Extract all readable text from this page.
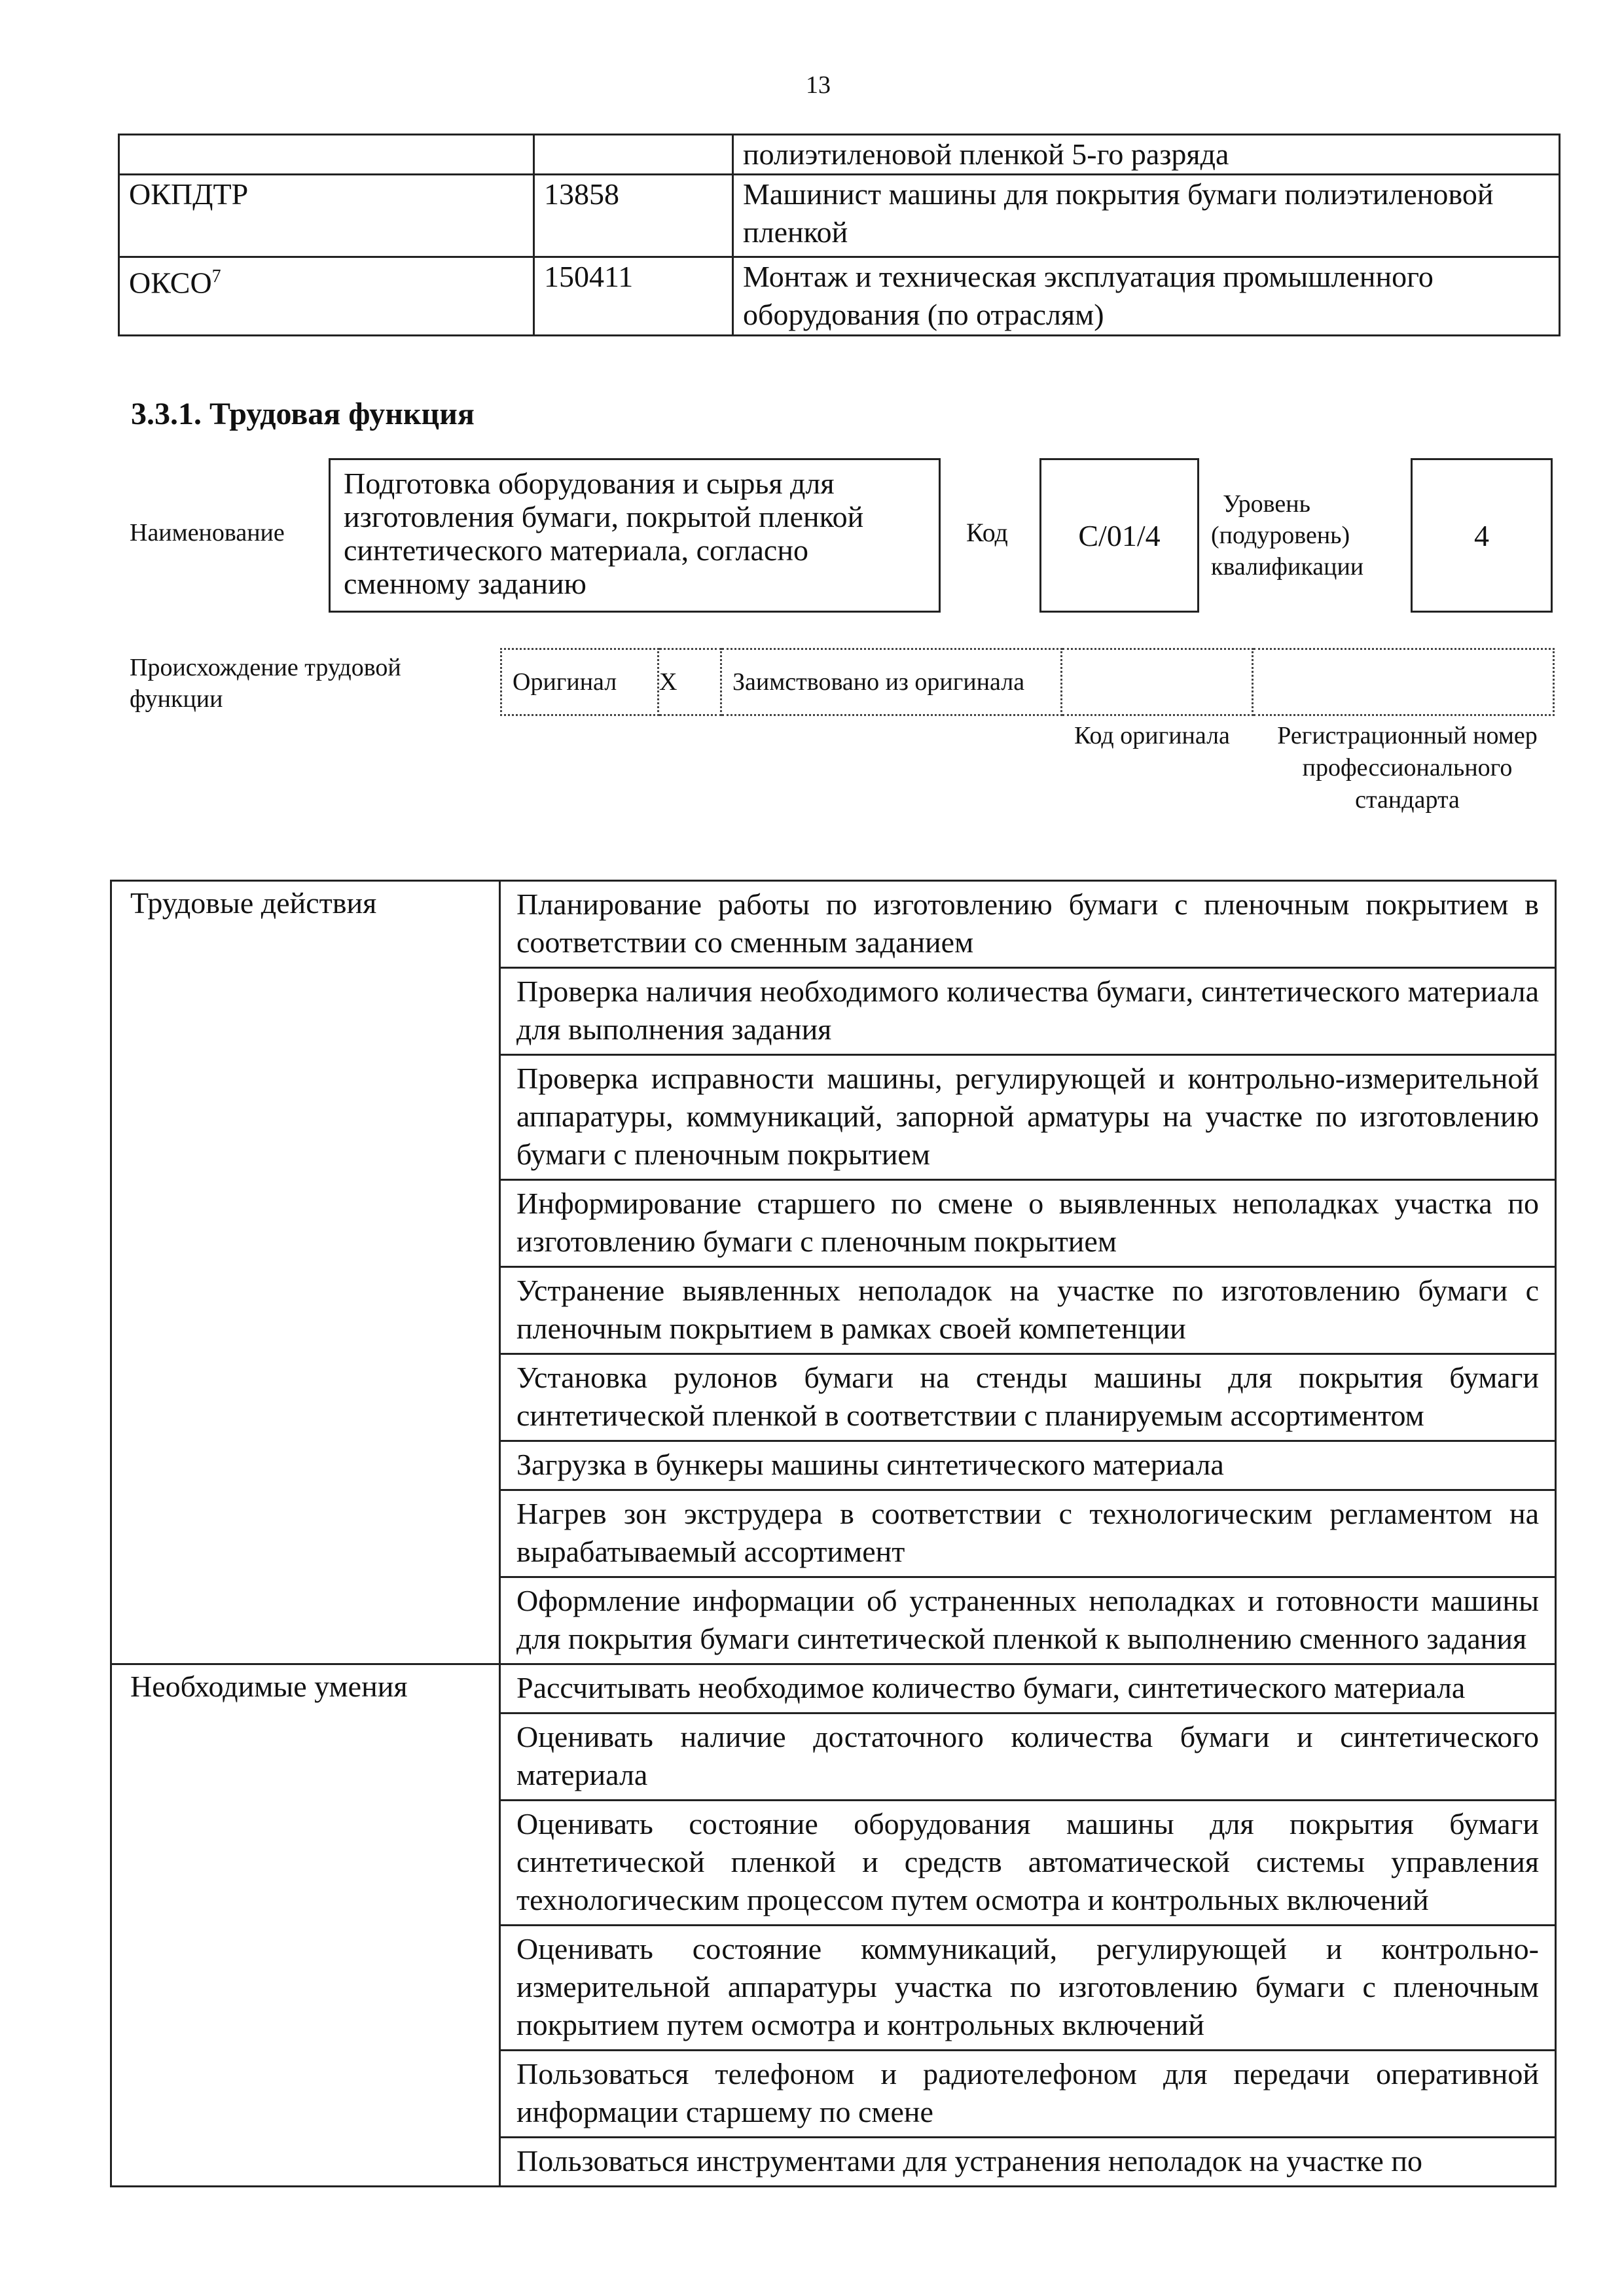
13
		полиэтиленовой пленкой 5-го разряда
ОКПДТР	13858	Машинист машины для покрытия бумаги полиэтиленовой пленкой
ОКСО$^7$	150411	Монтаж и техническая эксплуатация промышленного оборудования (по отраслям)
3.3.1. Трудовая функция
Наименование
Подготовка оборудования и сырья для изготовления бумаги, покрытой пленкой синтетического материала, согласно сменному заданию
Код	C/01/4
Уровень (подуровень) квалификации
4
Происхождение трудовой функции
Оригинал	X	Заимствовано из оригинала		
Код оригинала	Регистрационный номер профессионального стандарта
Трудовые действия	Планирование работы по изготовлению бумаги с пленочным покрытием в соответствии со сменным заданием
	Проверка наличия необходимого количества бумаги, синтетического материала для выполнения задания
	Проверка исправности машины, регулирующей и контрольно-измерительной аппаратуры, коммуникаций, запорной арматуры на участке по изготовлению бумаги с пленочным покрытием
	Информирование старшего по смене о выявленных неполадках участка по изготовлению бумаги с пленочным покрытием
	Устранение выявленных неполадок на участке по изготовлению бумаги с пленочным покрытием в рамках своей компетенции
	Установка рулонов бумаги на стенды машины для покрытия бумаги синтетической пленкой в соответствии с планируемым ассортиментом
	Загрузка в бункеры машины синтетического материала
	Нагрев зон экструдера в соответствии с технологическим регламентом на вырабатываемый ассортимент
	Оформление информации об устраненных неполадках и готовности машины для покрытия бумаги синтетической пленкой к выполнению сменного задания
Необходимые умения	Рассчитывать необходимое количество бумаги, синтетического материала
	Оценивать наличие достаточного количества бумаги и синтетического материала
	Оценивать состояние оборудования машины для покрытия бумаги синтетической пленкой и средств автоматической системы управления технологическим процессом путем осмотра и контрольных включений
	Оценивать состояние коммуникаций, регулирующей и контрольно-измерительной аппаратуры участка по изготовлению бумаги с пленочным покрытием путем осмотра и контрольных включений
	Пользоваться телефоном и радиотелефоном для передачи оперативной информации старшему по смене
	Пользоваться инструментами для устранения неполадок на участке по
